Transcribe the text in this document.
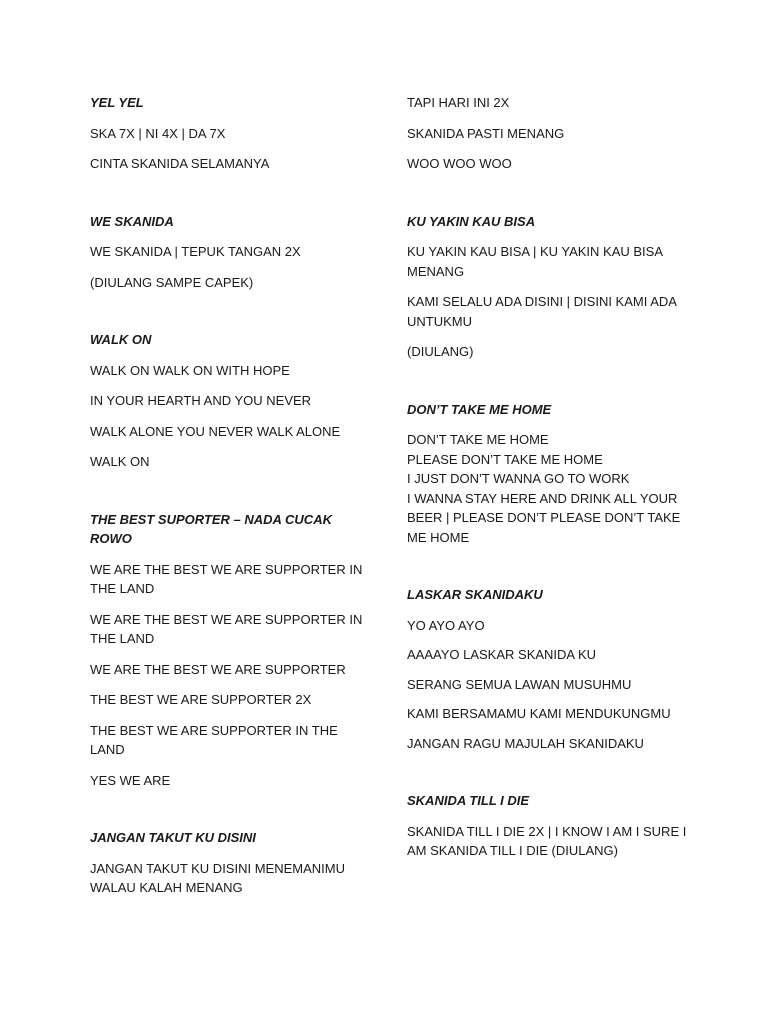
YEL YEL
SKA 7X | NI 4X | DA 7X
CINTA SKANIDA SELAMANYA
WE SKANIDA
WE SKANIDA | TEPUK TANGAN 2X
(DIULANG SAMPE CAPEK)
WALK ON
WALK ON WALK ON WITH HOPE
IN YOUR HEARTH AND YOU NEVER
WALK ALONE YOU NEVER WALK ALONE
WALK ON
THE BEST SUPORTER – NADA CUCAK ROWO
WE ARE THE BEST WE ARE SUPPORTER IN THE LAND
WE ARE THE BEST WE ARE SUPPORTER IN THE LAND
WE ARE THE BEST WE ARE SUPPORTER
THE BEST WE ARE SUPPORTER 2X
THE BEST WE ARE SUPPORTER IN THE LAND
YES WE ARE
JANGAN TAKUT KU DISINI
JANGAN TAKUT KU DISINI MENEMANIMU WALAU KALAH MENANG
TAPI HARI INI 2X
SKANIDA PASTI MENANG
WOO WOO WOO
KU YAKIN KAU BISA
KU YAKIN KAU BISA | KU YAKIN KAU BISA MENANG
KAMI SELALU ADA DISINI | DISINI KAMI ADA UNTUKMU
(DIULANG)
DON’T TAKE ME HOME
DON’T TAKE ME HOME
PLEASE DON’T TAKE ME HOME
I JUST DON’T WANNA GO TO WORK
I WANNA STAY HERE AND DRINK ALL YOUR BEER | PLEASE DON’T PLEASE DON’T TAKE ME HOME
LASKAR SKANIDAKU
YO AYO AYO
AAAAYO LASKAR SKANIDA KU
SERANG SEMUA LAWAN MUSUHMU
KAMI BERSAMAMU KAMI MENDUKUNGMU
JANGAN RAGU MAJULAH SKANIDAKU
SKANIDA TILL I DIE
SKANIDA TILL I DIE 2X | I KNOW I AM I SURE I AM SKANIDA TILL I DIE (DIULANG)
